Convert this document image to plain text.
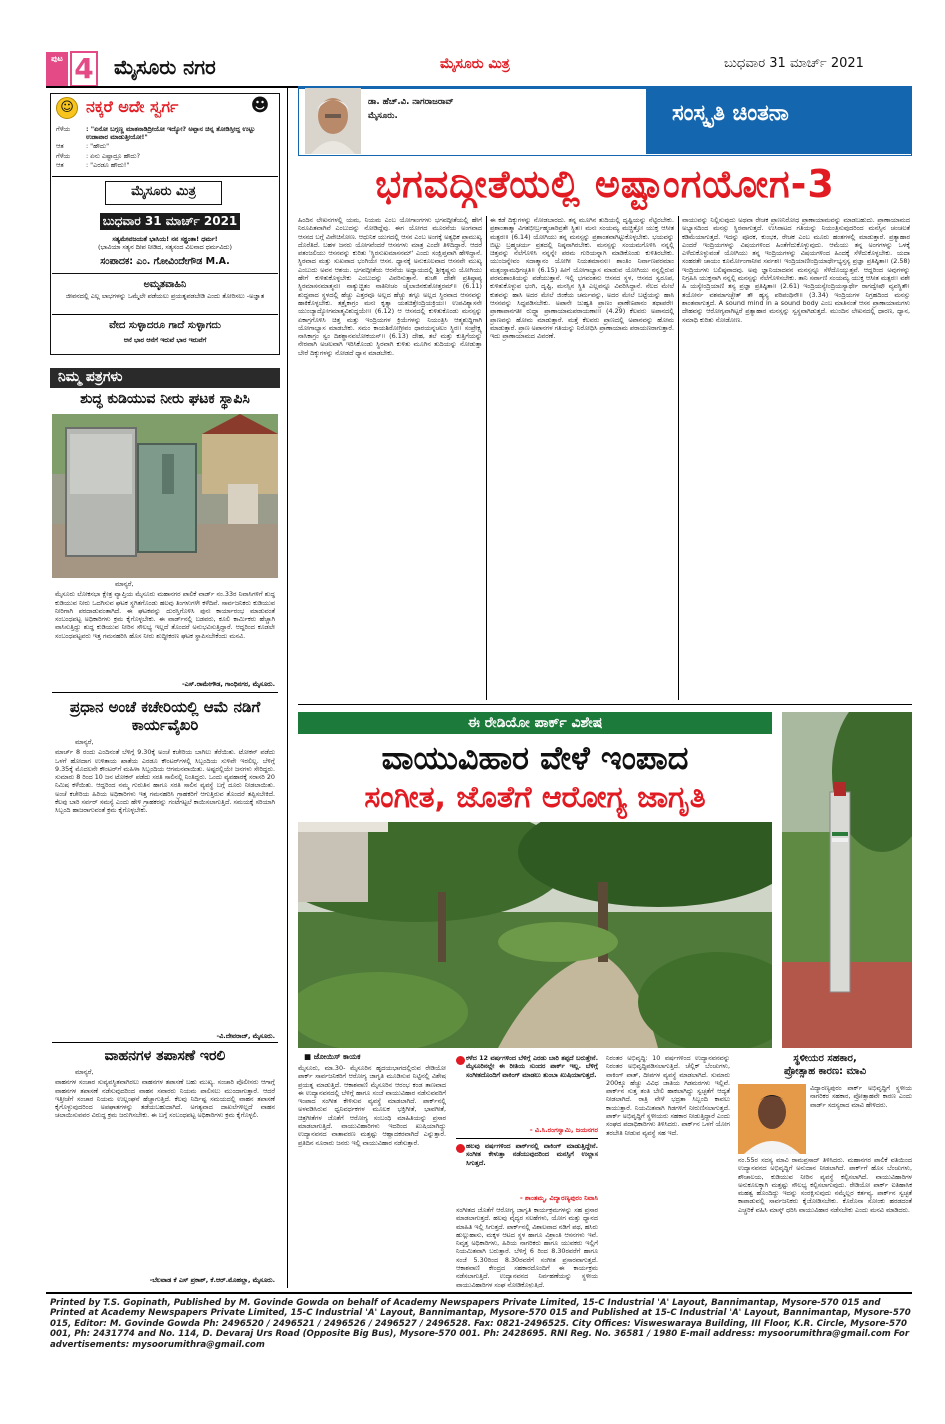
ಪುಟ 4 ಮೈಸೂರು ನಗರ	ಮೈಸೂರು ಮಿತ್ರ	ಬುಧವಾರ 31 ಮಾರ್ಚ್ 2021
☺ ನಕ್ಕರೆ ಅದೇ ಸ್ವರ್ಗ	☻
ಗೆಳೆಯ	: "ಏನೋ ಬಗ್ಗಣ್ಣ ಮಾತನಾಡಿದ್ರೀಯೋ ಇದ್ಯೋ? ಅಪ್ಪಾನ ಚಿನ್ನ ತೋಡಿಸ್ತೀದ್ದ ಉಟ್ಟು ಉಡಾಪಾರ ಮಾಡುತ್ತೀಯೋ!"
ಆತ	: "ಹೌದು"
ಗೆಳೆಯ	: ಏನು ಎಷ್ಟಾದ್ರೂ ಹೌದು?
ಆತ	: "ಎರಡೂ ಹೌದು!"
ಮೈಸೂರು ಮಿತ್ರ
ಬುಧವಾರ 31 ಮಾರ್ಚ್ 2021
ಸತ್ಯಮೇವಜಯತೆ ಭಾಸಿಯ! ನನ ಸಕ್ಷ್ರಂತಾ! ಧರ್ಮ!
(ಭಾವಿಯಾ ಸತ್ಯನ ದೀಪ ನೀಡಿದ, ಸತ್ಯಸಂದ ವಿಲನಾದ ಧರ್ಮವಿದು)
ಸಂಪಾದಕ: ಎಂ. ಗೋವಿಂದೇಗೌಡ M.A.
ಅಮೃತವಾಹಿನಿ
ಜೀವನದಲ್ಲಿ ಎಲ್ಲ ಲಾಭಗಳನ್ನು ಒಮ್ಮೆಲೇ ಪಡೆಯಲು ಪ್ರಯತ್ನಪಡಬೇಡಿ ಎಂದು ತೋರಿಸಲು -ಅಜ್ಞಾತ
ವೇದ ಸುಳ್ಳಾದರೂ ಗಾದೆ ಸುಳ್ಳಾಗದು
ಆನೆ ಭಾರ ಆನೆಗೆ ಇರುವೆ ಭಾರ ಇರುವೆಗೆ
ನಿಮ್ಮ ಪತ್ರಗಳು
ಶುದ್ಧ ಕುಡಿಯುವ ನೀರು ಘಟಕ ಸ್ಥಾಪಿಸಿ
ಮಾನ್ಯರೆ,
ಮೈಸೂರು ಲೋಕಸಭಾ ಕ್ಷೇತ್ರ ವ್ಯಾಪ್ತಿಯ ಮೈಸೂರು ಮಹಾನಗರ ಪಾಲಿಕೆ ವಾರ್ಡ್ ನಂ.33ರ ನಿವಾಸಿಗಳಿಗೆ ಶುದ್ಧ ಕುಡಿಯುವ ನೀರು ಒದಗಿಸುವ ಘಟಕ ಸ್ಥಗಿತಗೊಂಡು ಹಲವು ತಿಂಗಳುಗಳೇ ಕಳೆದಿವೆ. ಸಾರ್ವಜನಿಕರು ಕುಡಿಯುವ ನೀರಿಗಾಗಿ ಪರದಾಡುವಂತಾಗಿದೆ. ಈ ಘಟಕವನ್ನು ದುರಸ್ತಿಗೊಳಿಸಿ ಪುನಃ ಕಾರ್ಯಾರಂಭ ಮಾಡುವಂತೆ ಸಂಬಂಧಪಟ್ಟ ಅಧಿಕಾರಿಗಳು ಕ್ರಮ ಕೈಗೊಳ್ಳಬೇಕು. ಈ ವಾರ್ಡ್‌ನಲ್ಲಿ ಬಡವರು, ಕೂಲಿ ಕಾರ್ಮಿಕರು ಹೆಚ್ಚಾಗಿ ವಾಸಿಸುತ್ತಿದ್ದು ಶುದ್ಧ ಕುಡಿಯುವ ನೀರಿನ ಸೌಲಭ್ಯ ಇಲ್ಲದೆ ತೊಂದರೆ ಅನುಭವಿಸುತ್ತಿದ್ದಾರೆ. ಆದ್ದರಿಂದ ಕೂಡಲೇ ಸಂಬಂಧಪಟ್ಟವರು ಇತ್ತ ಗಮನಹರಿಸಿ ಹೊಸ ನೀರು ಶುದ್ಧೀಕರಣ ಘಟಕ ಸ್ಥಾಪಿಸಬೇಕೆಂದು ಮನವಿ.
-ಎಸ್.ರಾಮೇಗೌಡ, ಗಾಂಧಿನಗರ, ಮೈಸೂರು.
ಪ್ರಧಾನ ಅಂಚೆ ಕಚೇರಿಯಲ್ಲಿ ಆಮೆ ನಡಿಗೆ ಕಾರ್ಯವೈಖರಿ
ಮಾನ್ಯರೆ,
ಮಾರ್ಚ್ 8 ರಂದು ಎಂದಿನಂತೆ ಬೆಳಿಗ್ಗೆ 9.30ಕ್ಕೆ ಅಂಚೆ ಕಚೇರಿಯ ಬಾಗಿಲು ತೆರೆಯಿತು. ಟೋಕನ್ ಪಡೆದು ಒಳಗೆ ಹೋದಾಗ ಉಳಿತಾಯ ಖಾತೆಯ ಎರಡೂ ಕೌಂಟರ್‌ಗಳಲ್ಲಿ ಸಿಬ್ಬಂದಿಯ ಸುಳಿವೇ ಇರಲಿಲ್ಲ. ಬೆಳಿಗ್ಗೆ 9.35ಕ್ಕೆ ಮೊದಲನೇ ಕೌಂಟರ್‌ಗೆ ಮಹಿಳಾ ಸಿಬ್ಬಂದಿಯ ಆಗಮನವಾಯಿತು. ಅಷ್ಟರಲ್ಲಿಯೇ ಜನಗಳು ಸೇರಿದ್ದರು. ಸುಮಾರು 8 ರಿಂದ 10 ಜನ ಟೋಕನ್ ಪಡೆದು ಸರತಿ ಸಾಲಿನಲ್ಲಿ ನಿಂತಿದ್ದರು. ಒಂದು ವ್ಯವಹಾರಕ್ಕೆ ಸರಾಸರಿ 20 ನಿಮಿಷ ಕಳೆಯಿತು. ಆದ್ದರಿಂದ ನಮ್ಮ ಗುರುತಿನ ಹಾಗೂ ಸರತಿ ಸಾಲಿನ ವ್ಯವಸ್ಥೆ ಬಗ್ಗೆ ದೂರು ನೀಡಲಾಯಿತು. ಅಂಚೆ ಕಚೇರಿಯ ಹಿರಿಯ ಅಧಿಕಾರಿಗಳು ಇತ್ತ ಗಮನಹರಿಸಿ ಗ್ರಾಹಕರಿಗೆ ಆಗುತ್ತಿರುವ ತೊಂದರೆ ತಪ್ಪಿಸಬೇಕಿದೆ. ಕೆಲವು ಬಾರಿ ಸರ್ವರ್ ಸಮಸ್ಯೆ ಎಂದು ಹೇಳಿ ಗ್ರಾಹಕರನ್ನು ಗಂಟೆಗಟ್ಟಲೆ ಕಾಯಿಸಲಾಗುತ್ತಿದೆ. ಸಮಯಕ್ಕೆ ಸರಿಯಾಗಿ ಸಿಬ್ಬಂದಿ ಹಾಜರಾಗುವಂತೆ ಕ್ರಮ ಕೈಗೊಳ್ಳಬೇಕು.
-ವಿ.ದೇವರಾಜ್, ಮೈಸೂರು.
ವಾಹನಗಳ ತಪಾಸಣೆ ಇರಲಿ
ಮಾನ್ಯರೆ,
ವಾಹನಗಳ ಸಂಚಾರ ಸುವ್ಯವಸ್ಥಿತವಾಗಿರಲು ವಾಹನಗಳ ತಪಾಸಣೆ ಬಹು ಮುಖ್ಯ. ಸಂಚಾರಿ ಪೊಲೀಸರು ಆಗಾಗ್ಗೆ ವಾಹನಗಳ ತಪಾಸಣೆ ನಡೆಸುವುದರಿಂದ ವಾಹನ ಸವಾರರು ನಿಯಮ ಪಾಲಿಸಲು ಮುಂದಾಗುತ್ತಾರೆ. ಆದರೆ ಇತ್ತೀಚೆಗೆ ಸಂಚಾರ ನಿಯಮ ಉಲ್ಲಂಘನೆ ಹೆಚ್ಚಾಗುತ್ತಿದೆ. ಕೆಲವು ನಿರ್ದಿಷ್ಟ ಸಮಯದಲ್ಲಿ ವಾಹನ ತಪಾಸಣೆ ಕೈಗೊಳ್ಳುವುದರಿಂದ ಅಪಘಾತಗಳನ್ನು ತಡೆಯಬಹುದಾಗಿದೆ. ಅಗತ್ಯವಾದ ದಾಖಲೆಗಳಿಲ್ಲದೆ ವಾಹನ ಚಲಾಯಿಸುವವರ ವಿರುದ್ಧ ಕ್ರಮ ಜರುಗಿಸಬೇಕು. ಈ ಬಗ್ಗೆ ಸಂಬಂಧಪಟ್ಟ ಅಧಿಕಾರಿಗಳು ಕ್ರಮ ಕೈಗೊಳ್ಳಲಿ.
-ಬೆಲವಾಡ ಕೆ ಎಸ್ ಪ್ರಕಾಶ್, ಕೆ.ಆರ್.ಮೊಹಲ್ಲಾ, ಮೈಸೂರು.
ಡಾ. ಹೆಚ್.ವಿ. ನಾಗರಾಜರಾವ್
ಮೈಸೂರು.	ಸಂಸ್ಕೃತಿ ಚಿಂತನಾ
ಭಗವದ್ಗೀತೆಯಲ್ಲಿ ಅಷ್ಟಾಂಗಯೋಗ-3
ಹಿಂದಿನ ಲೇಖನಗಳಲ್ಲಿ ಯಮ, ನಿಯಮ ಎಂಬ ಯೋಗಾಂಗಗಳು ಭಗವದ್ಗೀತೆಯಲ್ಲಿ ಹೇಗೆ ನಿರೂಪಿತವಾಗಿವೆ ಎಂಬುದನ್ನು ನೋಡಿದ್ದೆವು. ಈಗ ಯೋಗದ ಮೂರನೆಯ ಅಂಗವಾದ ಆಸನದ ಬಗ್ಗೆ ವಿವೇಚಿಸೋಣ. ಆಧುನಿಕ ಯುಗದಲ್ಲಿ ಆಸನ ಎಂಬ ಅಂಗಕ್ಕೆ ಅತ್ಯಧಿಕ ಪ್ರಾಮುಖ್ಯ ದೊರೆತಿದೆ. ಬಹಳ ಜನರು ಯೋಗವೆಂದರೆ ಆಸನಗಳು ಮಾತ್ರ ಎಂದೇ ತಿಳಿದಿದ್ದಾರೆ. ಆದರೆ ಪತಂಜಲಿಯು ಆಸನವನ್ನು ಕುರಿತು 'ಸ್ಥಿರಸುಖಮಾಸನಮ್' ಎಂದು ಸಂಕ್ಷಿಪ್ತವಾಗಿ ಹೇಳಿದ್ದಾನೆ. ಸ್ಥಿರವಾದ ಮತ್ತು ಸುಖವಾದ ಭಂಗಿಯೇ ಆಸನ. ಧ್ಯಾನಕ್ಕೆ ಅನುಕೂಲವಾದ ಆಸನವೇ ಮುಖ್ಯ ಎಂಬುದು ಅವನ ಆಶಯ. ಭಗವದ್ಗೀತೆಯ ಆರನೆಯ ಅಧ್ಯಾಯದಲ್ಲಿ ಶ್ರೀಕೃಷ್ಣನು ಯೋಗಿಯು ಹೇಗೆ ಕುಳಿತುಕೊಳ್ಳಬೇಕು ಎಂಬುದನ್ನು ವಿವರಿಸುತ್ತಾನೆ. ಶುಚೌ ದೇಶೇ ಪ್ರತಿಷ್ಠಾಪ್ಯ ಸ್ಥಿರಮಾಸನಮಾತ್ಮನಃ। ನಾತ್ಯುಚ್ಛ್ರಿತಂ ನಾತಿನೀಚಂ ಚೈಲಾಜಿನಕುಶೋತ್ತರಮ್॥ (6.11) ಶುದ್ಧವಾದ ಸ್ಥಳದಲ್ಲಿ ಹೆಚ್ಚು ಎತ್ತರವೂ ಅಲ್ಲದ ಹೆಚ್ಚು ತಗ್ಗೂ ಅಲ್ಲದ ಸ್ಥಿರವಾದ ಆಸನವನ್ನು ಹಾಕಿಕೊಳ್ಳಬೇಕು. ತತ್ರೈಕಾಗ್ರಂ ಮನಃ ಕೃತ್ವಾ ಯತಚಿತ್ತೇಂದ್ರಿಯಕ್ರಿಯಃ। ಉಪವಿಶ್ಯಾಸನೇ ಯುಂಜ್ಯಾದ್ಯೋಗಮಾತ್ಮವಿಶುದ್ಧಯೇ॥ (6.12) ಆ ಆಸನದಲ್ಲಿ ಕುಳಿತುಕೊಂಡು ಮನಸ್ಸನ್ನು ಏಕಾಗ್ರಗೊಳಿಸಿ ಚಿತ್ತ ಮತ್ತು ಇಂದ್ರಿಯಗಳ ಕ್ರಿಯೆಗಳನ್ನು ನಿಯಂತ್ರಿಸಿ ಆತ್ಮಶುದ್ಧಿಗಾಗಿ ಯೋಗಾಭ್ಯಾಸ ಮಾಡಬೇಕು. ಸಮಂ ಕಾಯಶಿರೋಗ್ರೀವಂ ಧಾರಯನ್ನಚಲಂ ಸ್ಥಿರಃ। ಸಂಪ್ರೇಕ್ಷ್ಯ ನಾಸಿಕಾಗ್ರಂ ಸ್ವಂ ದಿಶಶ್ಚಾನವಲೋಕಯನ್॥ (6.13) ದೇಹ, ತಲೆ ಮತ್ತು ಕುತ್ತಿಗೆಯನ್ನು ನೇರವಾಗಿ ಅಚಲವಾಗಿ ಇರಿಸಿಕೊಂಡು ಸ್ಥಿರವಾಗಿ ಕುಳಿತು ಮೂಗಿನ ತುದಿಯನ್ನು ನೋಡುತ್ತಾ ಬೇರೆ ದಿಕ್ಕುಗಳನ್ನು ನೋಡದೆ ಧ್ಯಾನ ಮಾಡಬೇಕು.
ಈ ಕಡೆ ದಿಕ್ಕುಗಳನ್ನು ನೋಡಬಾರದು. ತನ್ನ ಮೂಗಿನ ತುದಿಯಲ್ಲಿ ದೃಷ್ಟಿಯನ್ನು ನೆಟ್ಟಿರಬೇಕು. ಪ್ರಶಾಂತಾತ್ಮಾ ವಿಗತಭೀರ್ಬ್ರಹ್ಮಚಾರಿವ್ರತೇ ಸ್ಥಿತಃ। ಮನಃ ಸಂಯಮ್ಯ ಮಚ್ಚಿತ್ತೋ ಯುಕ್ತ ಆಸೀತ ಮತ್ಪರಃ॥ (6.14) ಯೋಗಿಯು ತನ್ನ ಮನಸ್ಸನ್ನು ಪ್ರಶಾಂತವಾಗಿಟ್ಟುಕೊಳ್ಳಬೇಕು. ಭಯವನ್ನು ಬಿಟ್ಟು ಬ್ರಹ್ಮಚರ್ಯ ವ್ರತದಲ್ಲಿ ನಿಷ್ಠನಾಗಿರಬೇಕು. ಮನಸ್ಸನ್ನು ಸಂಯಮಗೊಳಿಸಿ ನನ್ನಲ್ಲಿ ಚಿತ್ತವನ್ನು ನೆಲೆಗೊಳಿಸಿ ನನ್ನನ್ನೇ ಪರಮ ಗುರಿಯನ್ನಾಗಿ ಮಾಡಿಕೊಂಡು ಕುಳಿತಿರಬೇಕು. ಯುಂಜನ್ನೇವಂ ಸದಾತ್ಮಾನಂ ಯೋಗೀ ನಿಯತಮಾನಸಃ। ಶಾಂತಿಂ ನಿರ್ವಾಣಪರಮಾಂ ಮತ್ಸಂಸ್ಥಾಮಧಿಗಚ್ಛತಿ॥ (6.15) ಹೀಗೆ ಯೋಗಾಭ್ಯಾಸ ಮಾಡುವ ಯೋಗಿಯು ನನ್ನಲ್ಲಿರುವ ಪರಮಶಾಂತಿಯನ್ನು ಪಡೆಯುತ್ತಾನೆ. ಇಲ್ಲಿ ಭಗವಂತನು ಆಸನದ ಸ್ಥಳ, ಆಸನದ ಸ್ವರೂಪ, ಕುಳಿತುಕೊಳ್ಳುವ ಭಂಗಿ, ದೃಷ್ಟಿ, ಮನಸ್ಸಿನ ಸ್ಥಿತಿ ಎಲ್ಲವನ್ನೂ ವಿವರಿಸಿದ್ದಾನೆ. ನೆಲದ ಮೇಲೆ ಕುಶವನ್ನು ಹಾಸಿ ಅದರ ಮೇಲೆ ಜಿಂಕೆಯ ಚರ್ಮವನ್ನು, ಅದರ ಮೇಲೆ ಬಟ್ಟೆಯನ್ನು ಹಾಸಿ ಆಸನವನ್ನು ಸಿದ್ಧಪಡಿಸಬೇಕು. ಅಪಾನೇ ಜುಹ್ವತಿ ಪ್ರಾಣಂ ಪ್ರಾಣೇಽಪಾನಂ ತಥಾಪರೇ। ಪ್ರಾಣಾಪಾನಗತೀ ರುದ್ಧ್ವಾ ಪ್ರಾಣಾಯಾಮಪರಾಯಣಾಃ॥ (4.29) ಕೆಲವರು ಅಪಾನದಲ್ಲಿ ಪ್ರಾಣವನ್ನು ಹೋಮ ಮಾಡುತ್ತಾರೆ. ಮತ್ತೆ ಕೆಲವರು ಪ್ರಾಣದಲ್ಲಿ ಅಪಾನವನ್ನು ಹೋಮ ಮಾಡುತ್ತಾರೆ. ಪ್ರಾಣ ಅಪಾನಗಳ ಗತಿಯನ್ನು ನಿರೋಧಿಸಿ ಪ್ರಾಣಾಯಾಮ ಪರಾಯಣರಾಗುತ್ತಾರೆ. ಇದು ಪ್ರಾಣಾಯಾಮದ ವಿವರಣೆ.
ವಾಯುವನ್ನು ನಿಲ್ಲಿಸುವುದು ಅಥವಾ ರೇಚಕ ಪ್ರಾಣನಿರೋಧ ಪ್ರಾಣಾಯಾಮವನ್ನು ಮಾಡಬಹುದು. ಪ್ರಾಣಾಯಾಮದ ಅಭ್ಯಾಸದಿಂದ ಮನಸ್ಸು ಸ್ಥಿರವಾಗುತ್ತದೆ. ಉಸಿರಾಟದ ಗತಿಯನ್ನು ನಿಯಂತ್ರಿಸುವುದರಿಂದ ಮನಸ್ಸಿನ ಚಂಚಲತೆ ಕಡಿಮೆಯಾಗುತ್ತದೆ. ಇದನ್ನು ಪೂರಕ, ಕುಂಭಕ, ರೇಚಕ ಎಂಬ ಮೂರು ಹಂತಗಳಲ್ಲಿ ಮಾಡುತ್ತಾರೆ. ಪ್ರತ್ಯಾಹಾರ ಎಂದರೆ ಇಂದ್ರಿಯಗಳನ್ನು ವಿಷಯಗಳಿಂದ ಹಿಂತೆಗೆದುಕೊಳ್ಳುವುದು. ಆಮೆಯು ತನ್ನ ಅಂಗಗಳನ್ನು ಒಳಕ್ಕೆ ಎಳೆದುಕೊಳ್ಳುವಂತೆ ಯೋಗಿಯು ತನ್ನ ಇಂದ್ರಿಯಗಳನ್ನು ವಿಷಯಗಳಿಂದ ಹಿಂದಕ್ಕೆ ಸೆಳೆದುಕೊಳ್ಳಬೇಕು. ಯದಾ ಸಂಹರತೇ ಚಾಯಂ ಕೂರ್ಮೋಂಗಾನೀವ ಸರ್ವಶಃ। ಇಂದ್ರಿಯಾಣೀಂದ್ರಿಯಾರ್ಥೇಭ್ಯಸ್ತಸ್ಯ ಪ್ರಜ್ಞಾ ಪ್ರತಿಷ್ಠಿತಾ॥ (2.58) ಇಂದ್ರಿಯಗಳು ಬಲಿಷ್ಠವಾದವು. ಅವು ಜ್ಞಾನಿಯಾದವನ ಮನಸ್ಸನ್ನೂ ಸೆಳೆದೊಯ್ಯುತ್ತವೆ. ಆದ್ದರಿಂದ ಅವುಗಳನ್ನು ನಿಗ್ರಹಿಸಿ ಯುಕ್ತನಾಗಿ ನನ್ನಲ್ಲಿ ಮನಸ್ಸನ್ನು ನೆಲೆಗೊಳಿಸಬೇಕು. ತಾನಿ ಸರ್ವಾಣಿ ಸಂಯಮ್ಯ ಯುಕ್ತ ಆಸೀತ ಮತ್ಪರಃ। ವಶೇ ಹಿ ಯಸ್ಯೇಂದ್ರಿಯಾಣಿ ತಸ್ಯ ಪ್ರಜ್ಞಾ ಪ್ರತಿಷ್ಠಿತಾ॥ (2.61) ಇಂದ್ರಿಯಸ್ಯೇಂದ್ರಿಯಸ್ಯಾರ್ಥೇ ರಾಗದ್ವೇಷೌ ವ್ಯವಸ್ಥಿತೌ। ತಯೋರ್ನ ವಶಮಾಗಚ್ಛೇತ್ ತೌ ಹ್ಯಸ್ಯ ಪರಿಪಂಥಿನೌ॥ (3.34) ಇಂದ್ರಿಯಗಳ ನಿಗ್ರಹದಿಂದ ಮನಸ್ಸು ಶಾಂತವಾಗುತ್ತದೆ. A sound mind in a sound body ಎಂಬ ಮಾತಿನಂತೆ ಆಸನ ಪ್ರಾಣಾಯಾಮಗಳು ದೇಹವನ್ನು ಆರೋಗ್ಯವಾಗಿಟ್ಟರೆ ಪ್ರತ್ಯಾಹಾರ ಮನಸ್ಸನ್ನು ಸ್ವಸ್ಥವಾಗಿಡುತ್ತದೆ. ಮುಂದಿನ ಲೇಖನದಲ್ಲಿ ಧಾರಣ, ಧ್ಯಾನ, ಸಮಾಧಿ ಕುರಿತು ನೋಡೋಣ.
ಈ ರೇಡಿಯೋ ಪಾರ್ಕ್ ವಿಶೇಷ
ವಾಯುವಿಹಾರ ವೇಳೆ ಇಂಪಾದ
ಸಂಗೀತ, ಜೊತೆಗೆ ಆರೋಗ್ಯ ಜಾಗೃತಿ
■ ಜೋಯಿಸ್ ಕಾಯಕ
ಮೈಸೂರು, ಮಾ.30- ಮೈಸೂರಿನ ಹೃದಯಭಾಗದಲ್ಲಿರುವ ರೇಡಿಯೋ ಪಾರ್ಕ್ ಸಾರ್ವಜನಿಕರಿಗೆ ಆರೋಗ್ಯ ಜಾಗೃತಿ ಮೂಡಿಸುವ ನಿಟ್ಟಿನಲ್ಲಿ ವಿಶೇಷ ಪ್ರಯತ್ನ ಮಾಡುತ್ತಿದೆ. ಆಕಾಶವಾಣಿ ಮೈಸೂರಿನ ಆರಂಭ ಕಂಡ ತಾಣವಾದ ಈ ಉದ್ಯಾನವನದಲ್ಲಿ ಬೆಳಿಗ್ಗೆ ಹಾಗೂ ಸಂಜೆ ವಾಯುವಿಹಾರ ನಡೆಸುವವರಿಗೆ ಇಂಪಾದ ಸಂಗೀತ ಕೇಳಿಸುವ ವ್ಯವಸ್ಥೆ ಮಾಡಲಾಗಿದೆ. ಪಾರ್ಕ್‌ನಲ್ಲಿ ಅಳವಡಿಸಿರುವ ಧ್ವನಿವರ್ಧಕಗಳ ಮೂಲಕ ಭಕ್ತಿಗೀತೆ, ಭಾವಗೀತೆ, ಚಿತ್ರಗೀತೆಗಳ ಜೊತೆಗೆ ಆರೋಗ್ಯ ಸಂಬಂಧಿ ಮಾಹಿತಿಯನ್ನು ಪ್ರಸಾರ ಮಾಡಲಾಗುತ್ತಿದೆ. ವಾಯುವಿಹಾರಿಗಳು ಇದರಿಂದ ಖುಷಿಯಾಗಿದ್ದು ಉದ್ಯಾನವನದ ವಾತಾವರಣ ಮತ್ತಷ್ಟು ಆಹ್ಲಾದಕರವಾಗಿದೆ ಎನ್ನುತ್ತಾರೆ. ಪ್ರತಿದಿನ ನೂರಾರು ಜನರು ಇಲ್ಲಿ ವಾಯುವಿಹಾರ ನಡೆಸುತ್ತಾರೆ.
ಕಳೆದ 12 ವರ್ಷಗಳಿಂದ ಬೆಳಿಗ್ಗೆ ಎರಡು ಬಾರಿ ತಪ್ಪದೆ ಬರುತ್ತೇನೆ. ಮೈಸೂರಿನಲ್ಲೇ ಈ ರೀತಿಯ ಸುಂದರ ಪಾರ್ಕ್ ಇಲ್ಲ. ಬೆಳಿಗ್ಗೆ ಸಂಗೀತದೊಂದಿಗೆ ವಾಕಿಂಗ್ ಮಾಡಲು ತುಂಬಾ ಖುಷಿಯಾಗುತ್ತದೆ.
- ವಿ.ಸಿ.ರಂಗಸ್ವಾಮಿ, ಜಯನಗರ
ಹಲವು ವರ್ಷಗಳಿಂದ ಪಾರ್ಕ್‌ನಲ್ಲಿ ವಾಕಿಂಗ್ ಮಾಡುತ್ತಿದ್ದೇನೆ. ಸಂಗೀತ ಕೇಳುತ್ತಾ ನಡೆಯುವುದರಿಂದ ಮನಸ್ಸಿಗೆ ಉಲ್ಲಾಸ ಸಿಗುತ್ತದೆ.
- ಶಾಂತಮ್ಮ, ವಿದ್ಯಾರಣ್ಯಪುರಂ ನಿವಾಸಿ
ಸಂಗೀತದ ಜೊತೆಗೆ ಆರೋಗ್ಯ ಜಾಗೃತಿ ಕಾರ್ಯಕ್ರಮಗಳನ್ನು ಸಹ ಪ್ರಸಾರ ಮಾಡಲಾಗುತ್ತದೆ. ಹಲವು ವೈದ್ಯರ ಸಲಹೆಗಳು, ಯೋಗ ಮತ್ತು ಧ್ಯಾನದ ಮಾಹಿತಿ ಇಲ್ಲಿ ಸಿಗುತ್ತದೆ. ಪಾರ್ಕ್‌ನಲ್ಲಿ ವಿಶಾಲವಾದ ನಡಿಗೆ ಪಥ, ಹಸಿರು ಹುಲ್ಲುಹಾಸು, ಮಕ್ಕಳ ಆಟದ ಸ್ಥಳ ಹಾಗೂ ವಿಶ್ರಾಂತಿ ಆಸನಗಳು ಇವೆ. ನಿವೃತ್ತ ಅಧಿಕಾರಿಗಳು, ಹಿರಿಯ ನಾಗರಿಕರು ಹಾಗೂ ಯುವಕರು ಇಲ್ಲಿಗೆ ನಿಯಮಿತವಾಗಿ ಬರುತ್ತಾರೆ. ಬೆಳಿಗ್ಗೆ 6 ರಿಂದ 8.30ರವರೆಗೆ ಹಾಗೂ ಸಂಜೆ 5.30ರಿಂದ 8.30ರವರೆಗೆ ಸಂಗೀತ ಪ್ರಸಾರವಾಗುತ್ತದೆ. ಆಕಾಶವಾಣಿ ಕೇಂದ್ರದ ಸಹಕಾರದೊಂದಿಗೆ ಈ ಕಾರ್ಯಕ್ರಮ ನಡೆಸಲಾಗುತ್ತಿದೆ. ಉದ್ಯಾನವನದ ನಿರ್ವಹಣೆಯನ್ನು ಸ್ಥಳೀಯ ವಾಯುವಿಹಾರಿಗಳ ಸಂಘ ನೋಡಿಕೊಳ್ಳುತ್ತಿದೆ.
ನಿರಂತರ ಅಭಿವೃದ್ಧಿ: 10 ವರ್ಷಗಳಿಂದ ಉದ್ಯಾನವನವನ್ನು ನಿರಂತರ ಅಭಿವೃದ್ಧಿಪಡಿಸಲಾಗುತ್ತಿದೆ. ಚೆಲ್ಲಿಕ್ ಬೆಂಚುಗಳು, ವಾಕಿಂಗ್ ಪಾತ್, ದೀಪಗಳ ವ್ಯವಸ್ಥೆ ಮಾಡಲಾಗಿದೆ. ಸುಮಾರು 200ಕ್ಕೂ ಹೆಚ್ಚು ವಿವಿಧ ಜಾತಿಯ ಗಿಡಮರಗಳು ಇಲ್ಲಿವೆ. ಪಾರ್ಕ್‌ನ ಸುತ್ತ ತಂತಿ ಬೇಲಿ ಹಾಕಲಾಗಿದ್ದು ಸ್ವಚ್ಛತೆಗೆ ಆದ್ಯತೆ ನೀಡಲಾಗಿದೆ. ರಾತ್ರಿ ವೇಳೆ ಭದ್ರತಾ ಸಿಬ್ಬಂದಿ ಕಾವಲು ಕಾಯುತ್ತಾರೆ. ನಿಯಮಿತವಾಗಿ ಗಿಡಗಳಿಗೆ ನೀರುಣಿಸಲಾಗುತ್ತದೆ. ಪಾರ್ಕ್ ಅಭಿವೃದ್ಧಿಗೆ ಸ್ಥಳೀಯರು ಸಹಕಾರ ನೀಡುತ್ತಿದ್ದಾರೆ ಎಂದು ಸಂಘದ ಪದಾಧಿಕಾರಿಗಳು ತಿಳಿಸಿದರು. ಪಾರ್ಕ್‌ನ ಒಳಗೆ ಯೋಗ ತರಬೇತಿ ನೀಡುವ ವ್ಯವಸ್ಥೆ ಸಹ ಇದೆ.
ಸ್ಥಳೀಯರ ಸಹಕಾರ,
ಪ್ರೋತ್ಸಾಹ ಕಾರಣ: ಮಾವಿ
ವಿದ್ಯಾರಣ್ಯಪುರಂ ಪಾರ್ಕ್ ಅಭಿವೃದ್ಧಿಗೆ ಸ್ಥಳೀಯ ನಾಗರಿಕರ ಸಹಕಾರ, ಪ್ರೋತ್ಸಾಹವೇ ಕಾರಣ ಎಂದು ವಾರ್ಡ್ ಸದಸ್ಯರಾದ ಮಾವಿ ಹೇಳಿದರು.
ನಂ.55ರ ಸದಸ್ಯ ಮಾವಿ ರಾಮಪ್ರಸಾದ್ ತಿಳಿಸಿದರು. ಮಹಾನಗರ ಪಾಲಿಕೆ ವತಿಯಿಂದ ಉದ್ಯಾನವನದ ಅಭಿವೃದ್ಧಿಗೆ ಅನುದಾನ ನೀಡಲಾಗಿದೆ. ಪಾರ್ಕ್‌ಗೆ ಹೊಸ ಬೆಂಚುಗಳು, ಶೌಚಾಲಯ, ಕುಡಿಯುವ ನೀರಿನ ವ್ಯವಸ್ಥೆ ಕಲ್ಪಿಸಲಾಗಿದೆ. ವಾಯುವಿಹಾರಿಗಳ ಅನುಕೂಲಕ್ಕಾಗಿ ಮತ್ತಷ್ಟು ಸೌಲಭ್ಯ ಕಲ್ಪಿಸಲಾಗುವುದು. ರೇಡಿಯೋ ಪಾರ್ಕ್ ಐತಿಹಾಸಿಕ ಮಹತ್ವ ಹೊಂದಿದ್ದು ಇದನ್ನು ಸಂರಕ್ಷಿಸುವುದು ನಮ್ಮೆಲ್ಲರ ಕರ್ತವ್ಯ. ಪಾರ್ಕ್‌ನ ಸ್ವಚ್ಛತೆ ಕಾಪಾಡುವಲ್ಲಿ ಸಾರ್ವಜನಿಕರು ಕೈಜೋಡಿಸಬೇಕು. ಕೊರೊನಾ ಸೋಂಕು ಹರಡದಂತೆ ಎಚ್ಚರಿಕೆ ವಹಿಸಿ ಮಾಸ್ಕ್ ಧರಿಸಿ ವಾಯುವಿಹಾರ ನಡೆಸಬೇಕು ಎಂದು ಮನವಿ ಮಾಡಿದರು.
Printed by T.S. Gopinath, Published by M. Govinde Gowda on behalf of Academy Newspapers Private Limited, 15-C Industrial 'A' Layout, Bannimantap, Mysore-570 015 and Printed at Academy Newspapers Private Limited, 15-C Industrial 'A' Layout, Bannimantap, Mysore-570 015 and Published at 15-C Industrial 'A' Layout, Bannimantap, Mysore-570 015, Editor: M. Govinde Gowda Ph: 2496520 / 2496521 / 2496526 / 2496527 / 2496528. Fax: 0821-2496525. City Offices: Visweswaraya Building, III Floor, K.R. Circle, Mysore-570 001, Ph: 2431774 and No. 114, D. Devaraj Urs Road (Opposite Big Bus), Mysore-570 001. Ph: 2428695. RNI Reg. No. 36581 / 1980 E-mail address: mysoorumithra@gmail.com For advertisements: mysoorumithra@gmail.com
